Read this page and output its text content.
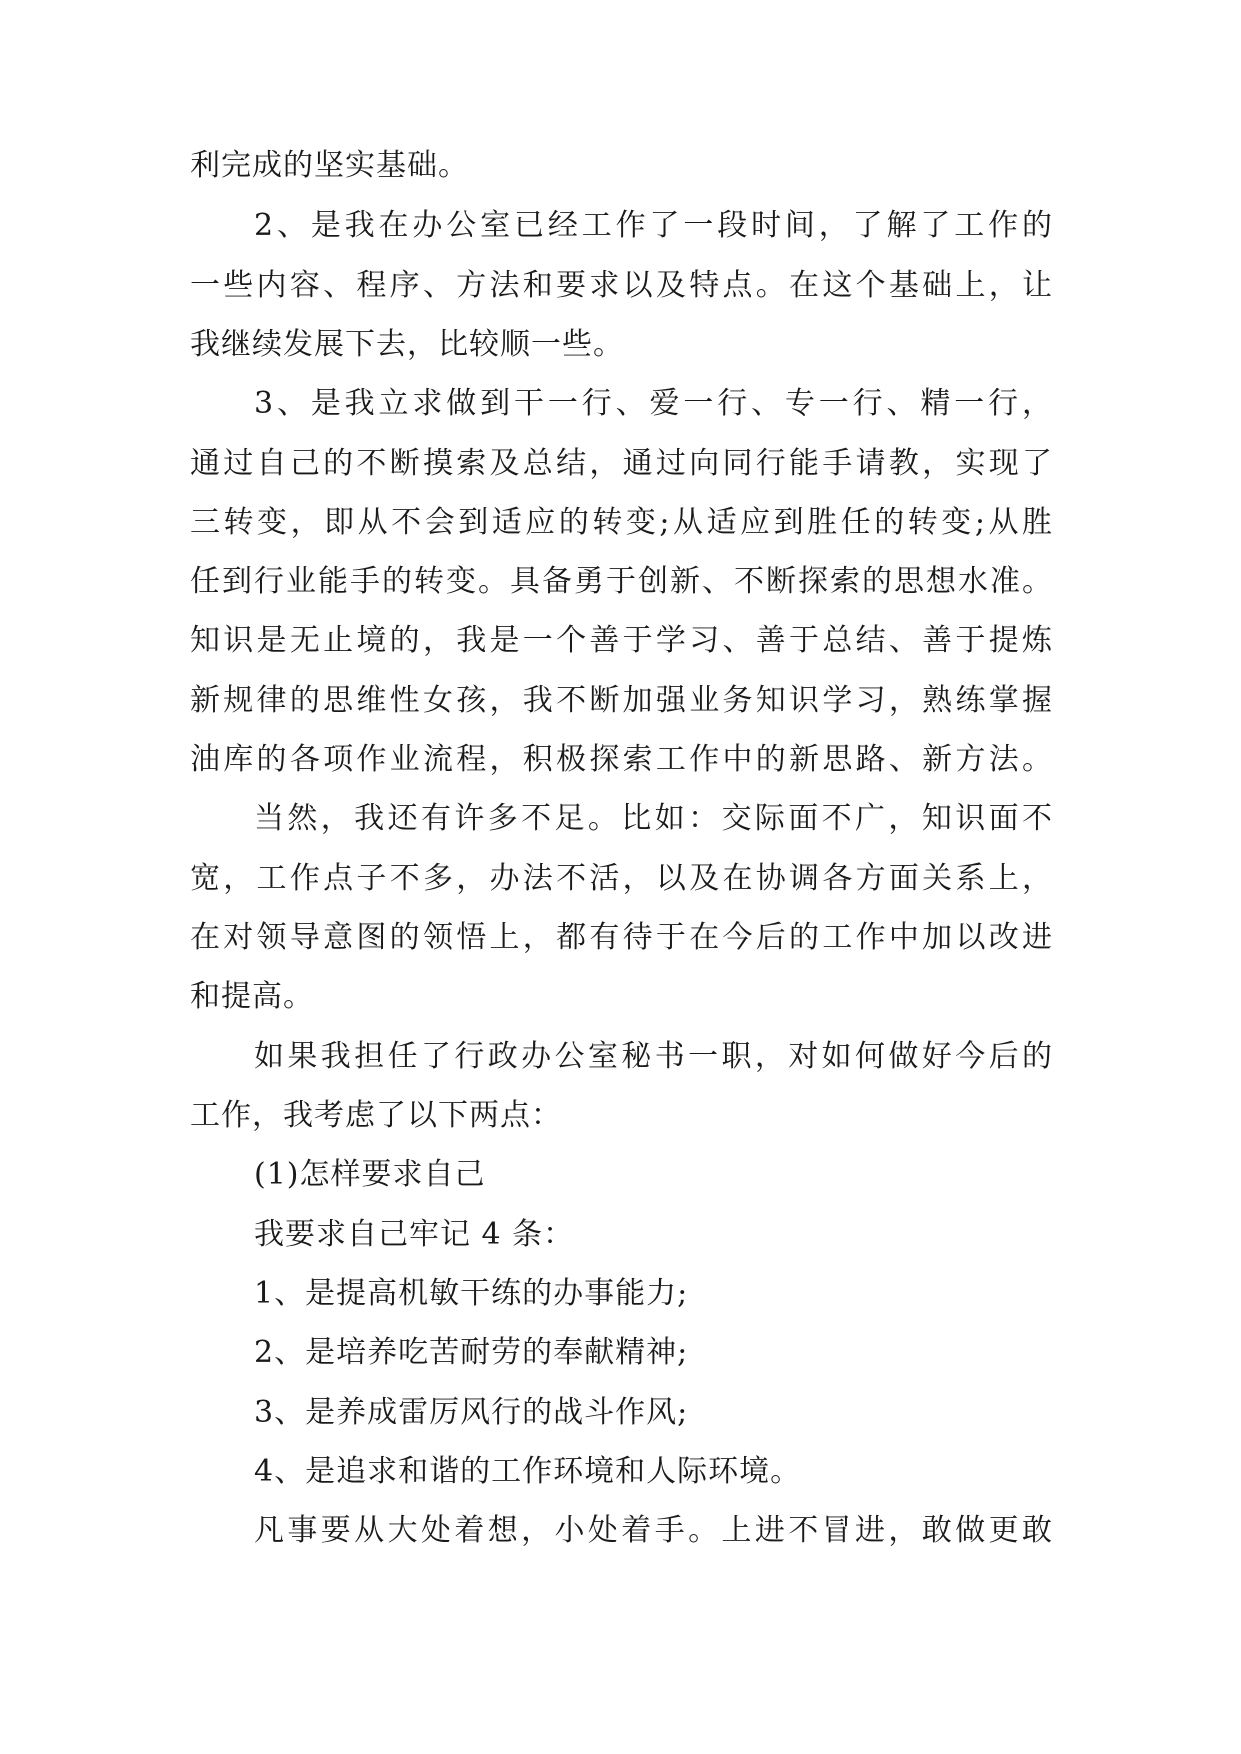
利完成的坚实基础。
2、是我在办公室已经工作了一段时间，了解了工作的
一些内容、程序、方法和要求以及特点。在这个基础上，让
我继续发展下去，比较顺一些。
3、是我立求做到干一行、爱一行、专一行、精一行，
通过自己的不断摸索及总结，通过向同行能手请教，实现了
三转变，即从不会到适应的转变;从适应到胜任的转变;从胜
任到行业能手的转变。具备勇于创新、不断探索的思想水准。
知识是无止境的，我是一个善于学习、善于总结、善于提炼
新规律的思维性女孩，我不断加强业务知识学习，熟练掌握
油库的各项作业流程，积极探索工作中的新思路、新方法。
当然，我还有许多不足。比如：交际面不广，知识面不
宽，工作点子不多，办法不活，以及在协调各方面关系上，
在对领导意图的领悟上，都有待于在今后的工作中加以改进
和提高。
如果我担任了行政办公室秘书一职，对如何做好今后的
工作，我考虑了以下两点：
(1)怎样要求自己
我要求自己牢记 4 条：
1、是提高机敏干练的办事能力;
2、是培养吃苦耐劳的奉献精神;
3、是养成雷厉风行的战斗作风;
4、是追求和谐的工作环境和人际环境。
凡事要从大处着想，小处着手。上进不冒进，敢做更敢
